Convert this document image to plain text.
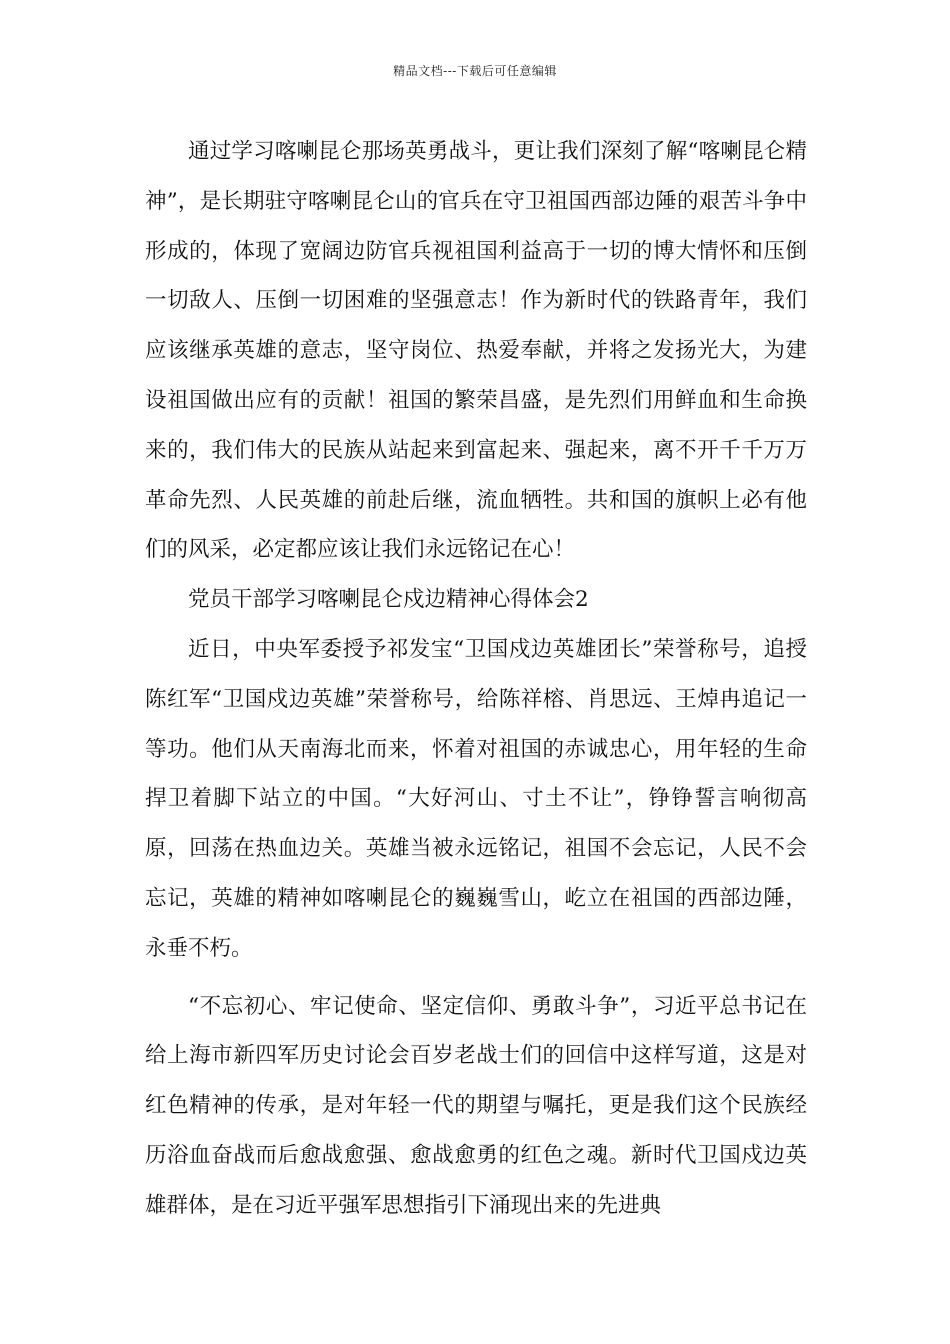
精品文档---下载后可任意编辑

通过学习喀喇昆仑那场英勇战斗，更让我们深刻了解“喀喇昆仑精神”，是长期驻守喀喇昆仑山的官兵在守卫祖国西部边陲的艰苦斗争中形成的，体现了宽阔边防官兵视祖国利益高于一切的博大情怀和压倒一切敌人、压倒一切困难的坚强意志！作为新时代的铁路青年，我们应该继承英雄的意志，坚守岗位、热爱奉献，并将之发扬光大，为建设祖国做出应有的贡献！祖国的繁荣昌盛，是先烈们用鲜血和生命换来的，我们伟大的民族从站起来到富起来、强起来，离不开千千万万革命先烈、人民英雄的前赴后继，流血牺牲。共和国的旗帜上必有他们的风采，必定都应该让我们永远铭记在心！

党员干部学习喀喇昆仑戍边精神心得体会2

近日，中央军委授予祁发宝“卫国戍边英雄团长”荣誉称号，追授陈红军“卫国戍边英雄”荣誉称号，给陈祥榕、肖思远、王焯冉追记一等功。他们从天南海北而来，怀着对祖国的赤诚忠心，用年轻的生命捍卫着脚下站立的中国。“大好河山、寸土不让”，铮铮誓言响彻高原，回荡在热血边关。英雄当被永远铭记，祖国不会忘记，人民不会忘记，英雄的精神如喀喇昆仑的巍巍雪山，屹立在祖国的西部边陲，永垂不朽。

“不忘初心、牢记使命、坚定信仰、勇敢斗争”，习近平总书记在给上海市新四军历史讨论会百岁老战士们的回信中这样写道，这是对红色精神的传承，是对年轻一代的期望与嘱托，更是我们这个民族经历浴血奋战而后愈战愈强、愈战愈勇的红色之魂。新时代卫国戍边英雄群体，是在习近平强军思想指引下涌现出来的先进典
